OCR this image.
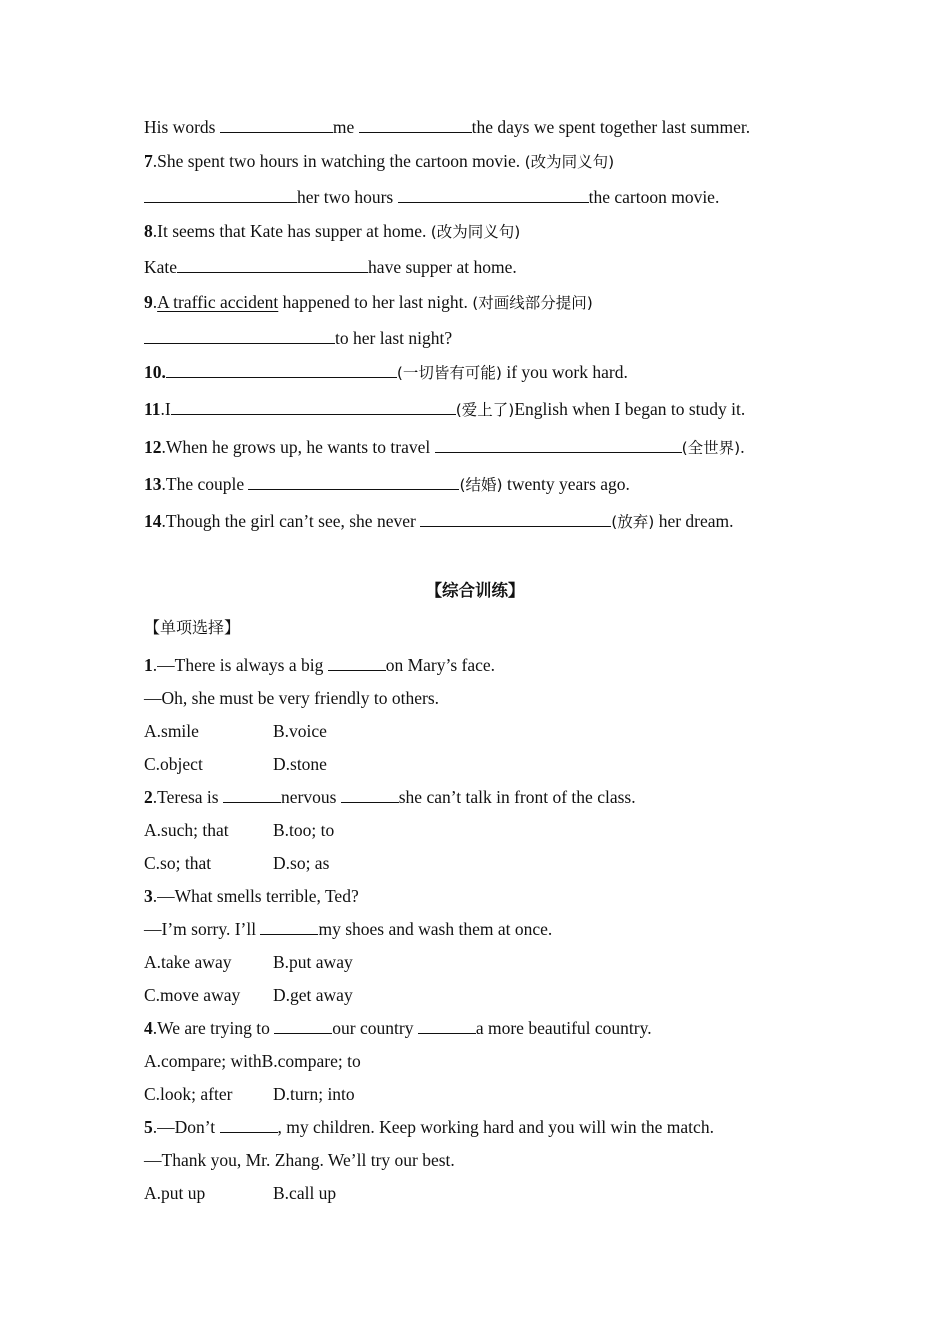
His words	me	the days we spent together last summer.
7.She spent two hours in watching the cartoon movie. (改为同义句)
her two hours	the cartoon movie.
8.It seems that Kate has supper at home. (改为同义句)
Kate	have supper at home.
9.A traffic accident happened to her last night. (对画线部分提问)
to her last night?
10.	(一切皆有可能) if you work hard.
11.I	(爱上了)English when I began to study it.
12.When he grows up, he wants to travel	(全世界).
13.The couple	(结婚) twenty years ago.
14.Though the girl can’t see, she never	(放弃) her dream.
【综合训练】
【单项选择】
1.—There is always a big	on Mary’s face.
—Oh, she must be very friendly to others.
A.smile	B.voice
C.object	D.stone
2.Teresa is	nervous	she can’t talk in front of the class.
A.such; that	B.too; to
C.so; that	D.so; as
3.—What smells terrible, Ted?
—I’m sorry. I’ll	my shoes and wash them at once.
A.take away B.put away
C.move away D.get away
4.We are trying to	our country	a more beautiful country.
A.compare; withB.compare; to
C.look; after D.turn; into
5.—Don’t	, my children. Keep working hard and you will win the match.
—Thank you, Mr. Zhang. We’ll try our best.
A.put up	B.call up
